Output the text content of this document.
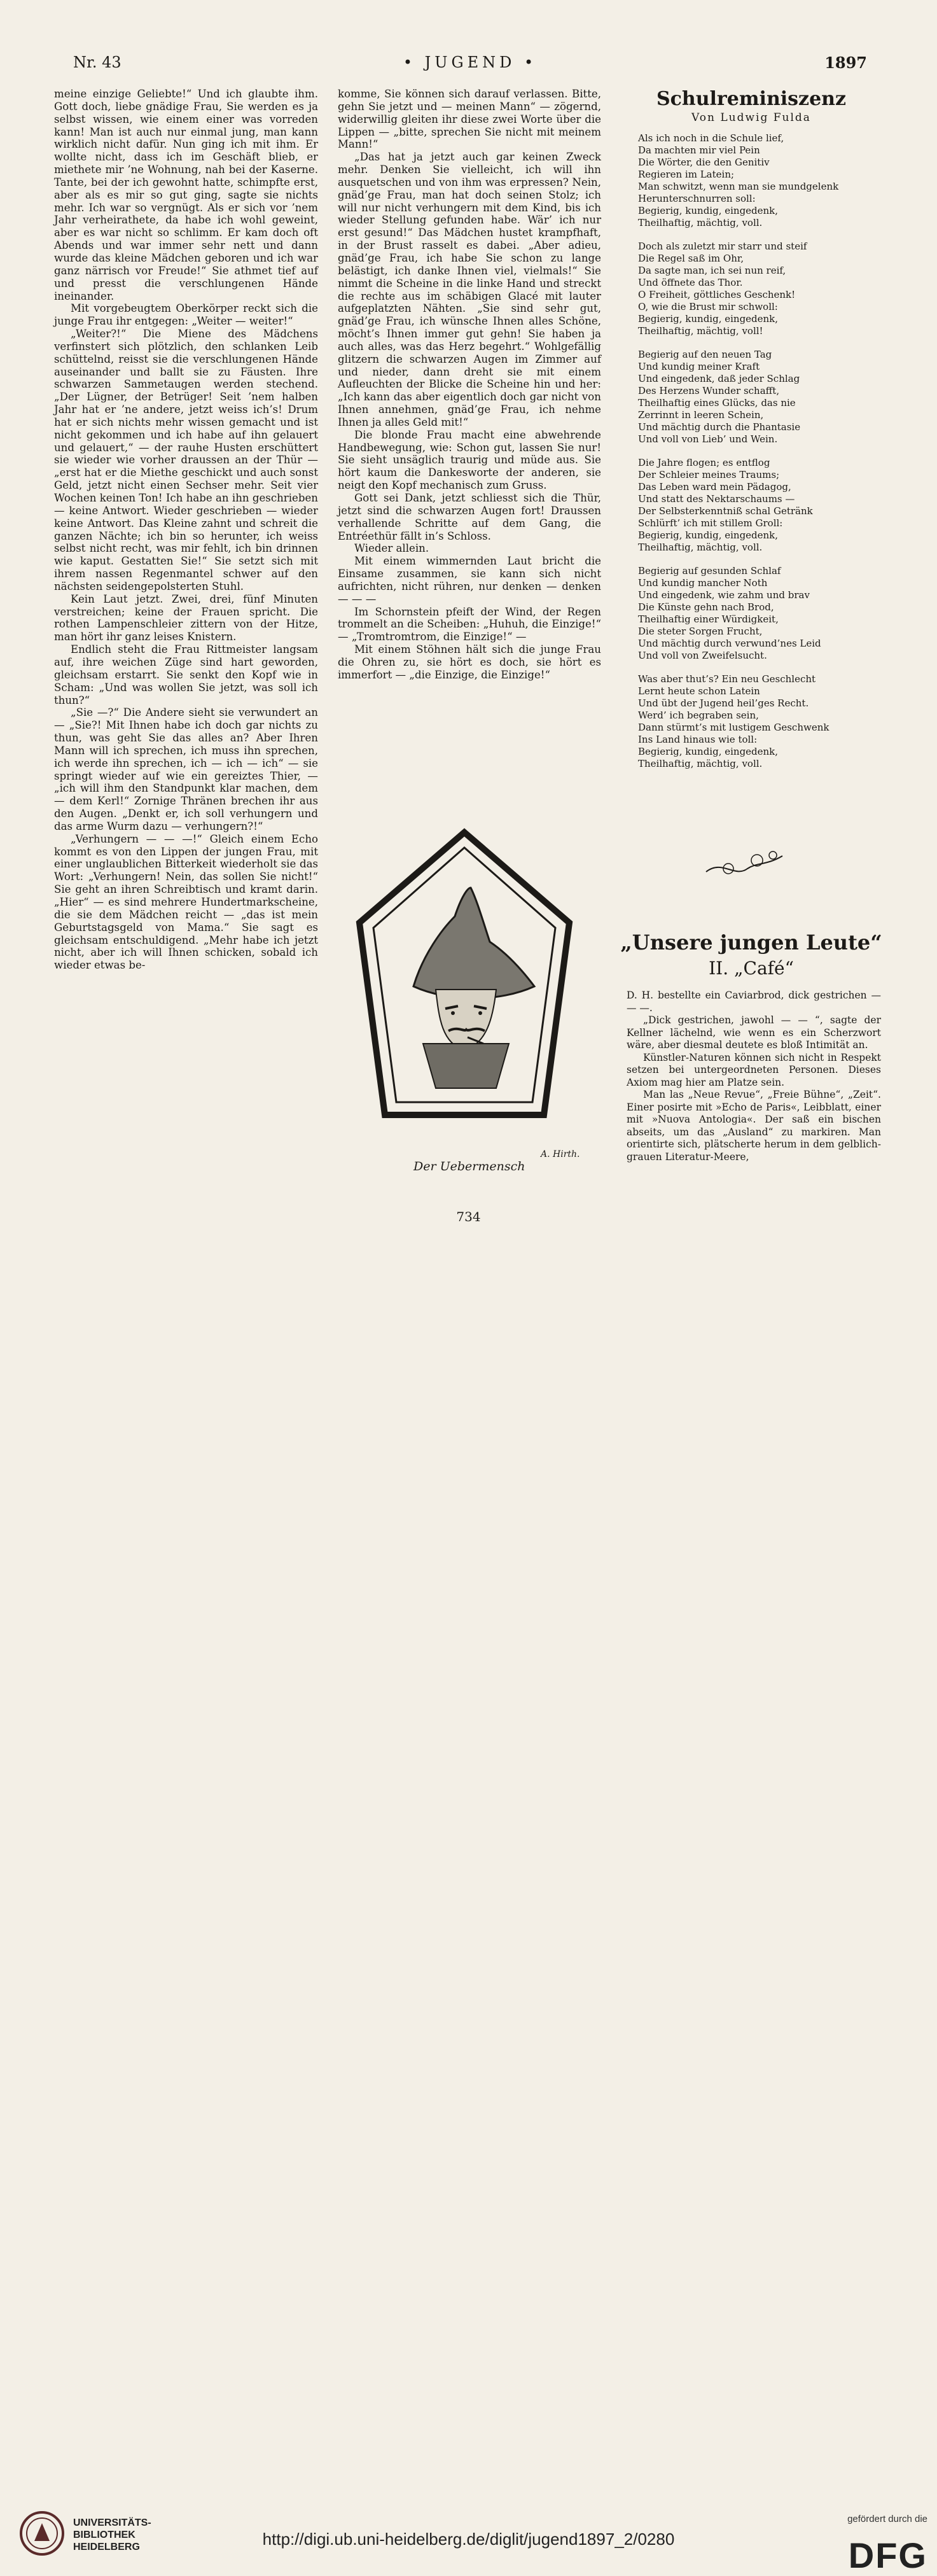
Nr. 43	• JUGEND •	1897

meine einzige Geliebte!“ Und ich glaubte ihm. Gott doch, liebe gnädige Frau, Sie werden es ja selbst wissen, wie einem einer was vorreden kann! Man ist auch nur einmal jung, man kann wirklich nicht dafür. Nun ging ich mit ihm. Er wollte nicht, dass ich im Geschäft blieb, er miethete mir ’ne Wohnung, nah bei der Kaserne. Tante, bei der ich gewohnt hatte, schimpfte erst, aber als es mir so gut ging, sagte sie nichts mehr. Ich war so vergnügt. Als er sich vor ’nem Jahr verheirathete, da habe ich wohl geweint, aber es war nicht so schlimm. Er kam doch oft Abends und war immer sehr nett und dann wurde das kleine Mädchen geboren und ich war ganz närrisch vor Freude!“ Sie athmet tief auf und presst die verschlungenen Hände ineinander.

Mit vorgebeugtem Oberkörper reckt sich die junge Frau ihr entgegen: „Weiter — weiter!“

„Weiter?!“ Die Miene des Mädchens verfinstert sich plötzlich, den schlanken Leib schüttelnd, reisst sie die verschlungenen Hände auseinander und ballt sie zu Fäusten. Ihre schwarzen Sammetaugen werden stechend. „Der Lügner, der Betrüger! Seit ’nem halben Jahr hat er ’ne andere, jetzt weiss ich’s! Drum hat er sich nichts mehr wissen gemacht und ist nicht gekommen und ich habe auf ihn gelauert und gelauert,“ — der rauhe Husten erschüttert sie wieder wie vorher draussen an der Thür — „erst hat er die Miethe geschickt und auch sonst Geld, jetzt nicht einen Sechser mehr. Seit vier Wochen keinen Ton! Ich habe an ihn geschrieben — keine Antwort. Wieder geschrieben — wieder keine Antwort. Das Kleine zahnt und schreit die ganzen Nächte; ich bin so herunter, ich weiss selbst nicht recht, was mir fehlt, ich bin drinnen wie kaput. Gestatten Sie!“ Sie setzt sich mit ihrem nassen Regenmantel schwer auf den nächsten seidengepolsterten Stuhl.

Kein Laut jetzt. Zwei, drei, fünf Minuten verstreichen; keine der Frauen spricht. Die rothen Lampenschleier zittern von der Hitze, man hört ihr ganz leises Knistern.

Endlich steht die Frau Rittmeister langsam auf, ihre weichen Züge sind hart geworden, gleichsam erstarrt. Sie senkt den Kopf wie in Scham: „Und was wollen Sie jetzt, was soll ich thun?“

„Sie —?“ Die Andere sieht sie verwundert an — „Sie?! Mit Ihnen habe ich doch gar nichts zu thun, was geht Sie das alles an? Aber Ihren Mann will ich sprechen, ich muss ihn sprechen, ich werde ihn sprechen, ich — ich — ich“ — sie springt wieder auf wie ein gereiztes Thier, — „ich will ihm den Standpunkt klar machen, dem — dem Kerl!“ Zornige Thränen brechen ihr aus den Augen. „Denkt er, ich soll verhungern und das arme Wurm dazu — verhungern?!“

„Verhungern — — —!“ Gleich einem Echo kommt es von den Lippen der jungen Frau, mit einer unglaublichen Bitterkeit wiederholt sie das Wort: „Verhungern! Nein, das sollen Sie nicht!“ Sie geht an ihren Schreibtisch und kramt darin. „Hier“ — es sind mehrere Hundertmarkscheine, die sie dem Mädchen reicht — „das ist mein Geburtstagsgeld von Mama.“ Sie sagt es gleichsam entschuldigend. „Mehr habe ich jetzt nicht, aber ich will Ihnen schicken, sobald ich wieder etwas be-

komme, Sie können sich darauf verlassen. Bitte, gehn Sie jetzt und — meinen Mann“ — zögernd, widerwillig gleiten ihr diese zwei Worte über die Lippen — „bitte, sprechen Sie nicht mit meinem Mann!“

„Das hat ja jetzt auch gar keinen Zweck mehr. Denken Sie vielleicht, ich will ihn ausquetschen und von ihm was erpressen? Nein, gnäd’ge Frau, man hat doch seinen Stolz; ich will nur nicht verhungern mit dem Kind, bis ich wieder Stellung gefunden habe. Wär’ ich nur erst gesund!“ Das Mädchen hustet krampfhaft, in der Brust rasselt es dabei. „Aber adieu, gnäd’ge Frau, ich habe Sie schon zu lange belästigt, ich danke Ihnen viel, vielmals!“ Sie nimmt die Scheine in die linke Hand und streckt die rechte aus im schäbigen Glacé mit lauter aufgeplatzten Nähten. „Sie sind sehr gut, gnäd’ge Frau, ich wünsche Ihnen alles Schöne, möcht’s Ihnen immer gut gehn! Sie haben ja auch alles, was das Herz begehrt.“ Wohlgefällig glitzern die schwarzen Augen im Zimmer auf und nieder, dann dreht sie mit einem Aufleuchten der Blicke die Scheine hin und her: „Ich kann das aber eigentlich doch gar nicht von Ihnen annehmen, gnäd’ge Frau, ich nehme Ihnen ja alles Geld mit!“

Die blonde Frau macht eine abwehrende Handbewegung, wie: Schon gut, lassen Sie nur! Sie sieht unsäglich traurig und müde aus. Sie hört kaum die Dankesworte der anderen, sie neigt den Kopf mechanisch zum Gruss.

Gott sei Dank, jetzt schliesst sich die Thür, jetzt sind die schwarzen Augen fort! Draussen verhallende Schritte auf dem Gang, die Entréethür fällt in’s Schloss.

Wieder allein.

Mit einem wimmernden Laut bricht die Einsame zusammen, sie kann sich nicht aufrichten, nicht rühren, nur denken — denken — — —

Im Schornstein pfeift der Wind, der Regen trommelt an die Scheiben: „Huhuh, die Einzige!“ — „Tromtromtrom, die Einzige!“ —

Mit einem Stöhnen hält sich die junge Frau die Ohren zu, sie hört es doch, sie hört es immerfort — „die Einzige, die Einzige!“

A. Hirth.
Der Uebermensch
Schulreminiszenz
Von Ludwig Fulda
Als ich noch in die Schule lief,
Da machten mir viel Pein
Die Wörter, die den Genitiv
Regieren im Latein;
Man schwitzt, wenn man sie mundgelenk
Herunterschnurren soll:
Begierig, kundig, eingedenk,
Theilhaftig, mächtig, voll.
Doch als zuletzt mir starr und steif
Die Regel saß im Ohr,
Da sagte man, ich sei nun reif,
Und öffnete das Thor.
O Freiheit, göttliches Geschenk!
O, wie die Brust mir schwoll:
Begierig, kundig, eingedenk,
Theilhaftig, mächtig, voll!
Begierig auf den neuen Tag
Und kundig meiner Kraft
Und eingedenk, daß jeder Schlag
Des Herzens Wunder schafft,
Theilhaftig eines Glücks, das nie
Zerrinnt in leeren Schein,
Und mächtig durch die Phantasie
Und voll von Lieb’ und Wein.
Die Jahre flogen; es entflog
Der Schleier meines Traums;
Das Leben ward mein Pädagog,
Und statt des Nektarschaums —
Der Selbsterkenntniß schal Getränk
Schlürft’ ich mit stillem Groll:
Begierig, kundig, eingedenk,
Theilhaftig, mächtig, voll.
Begierig auf gesunden Schlaf
Und kundig mancher Noth
Und eingedenk, wie zahm und brav
Die Künste gehn nach Brod,
Theilhaftig einer Würdigkeit,
Die steter Sorgen Frucht,
Und mächtig durch verwund’nes Leid
Und voll von Zweifelsucht.
Was aber thut’s? Ein neu Geschlecht
Lernt heute schon Latein
Und übt der Jugend heil’ges Recht.
Werd’ ich begraben sein,
Dann stürmt’s mit lustigem Geschwenk
Ins Land hinaus wie toll:
Begierig, kundig, eingedenk,
Theilhaftig, mächtig, voll.
„Unsere jungen Leute“
II. „Café“

D. H. bestellte ein Caviarbrod, dick gestrichen — — —.

„Dick gestrichen, jawohl — — “, sagte der Kellner lächelnd, wie wenn es ein Scherzwort wäre, aber diesmal deutete es bloß Intimität an.

Künstler-Naturen können sich nicht in Respekt setzen bei untergeordneten Personen. Dieses Axiom mag hier am Platze sein.

Man las „Neue Revue“, „Freie Bühne“, „Zeit“. Einer posirte mit »Echo de Paris«, Leibblatt, einer mit »Nuova Antologia«. Der saß ein bischen abseits, um das „Ausland“ zu markiren. Man orientirte sich, plätscherte herum in dem gelblich-grauen Literatur-Meere,

734
UNIVERSITÄTS-
BIBLIOTHEK
HEIDELBERG	http://digi.ub.uni-heidelberg.de/diglit/jugend1897_2/0280
gefördert durch die
DFG
